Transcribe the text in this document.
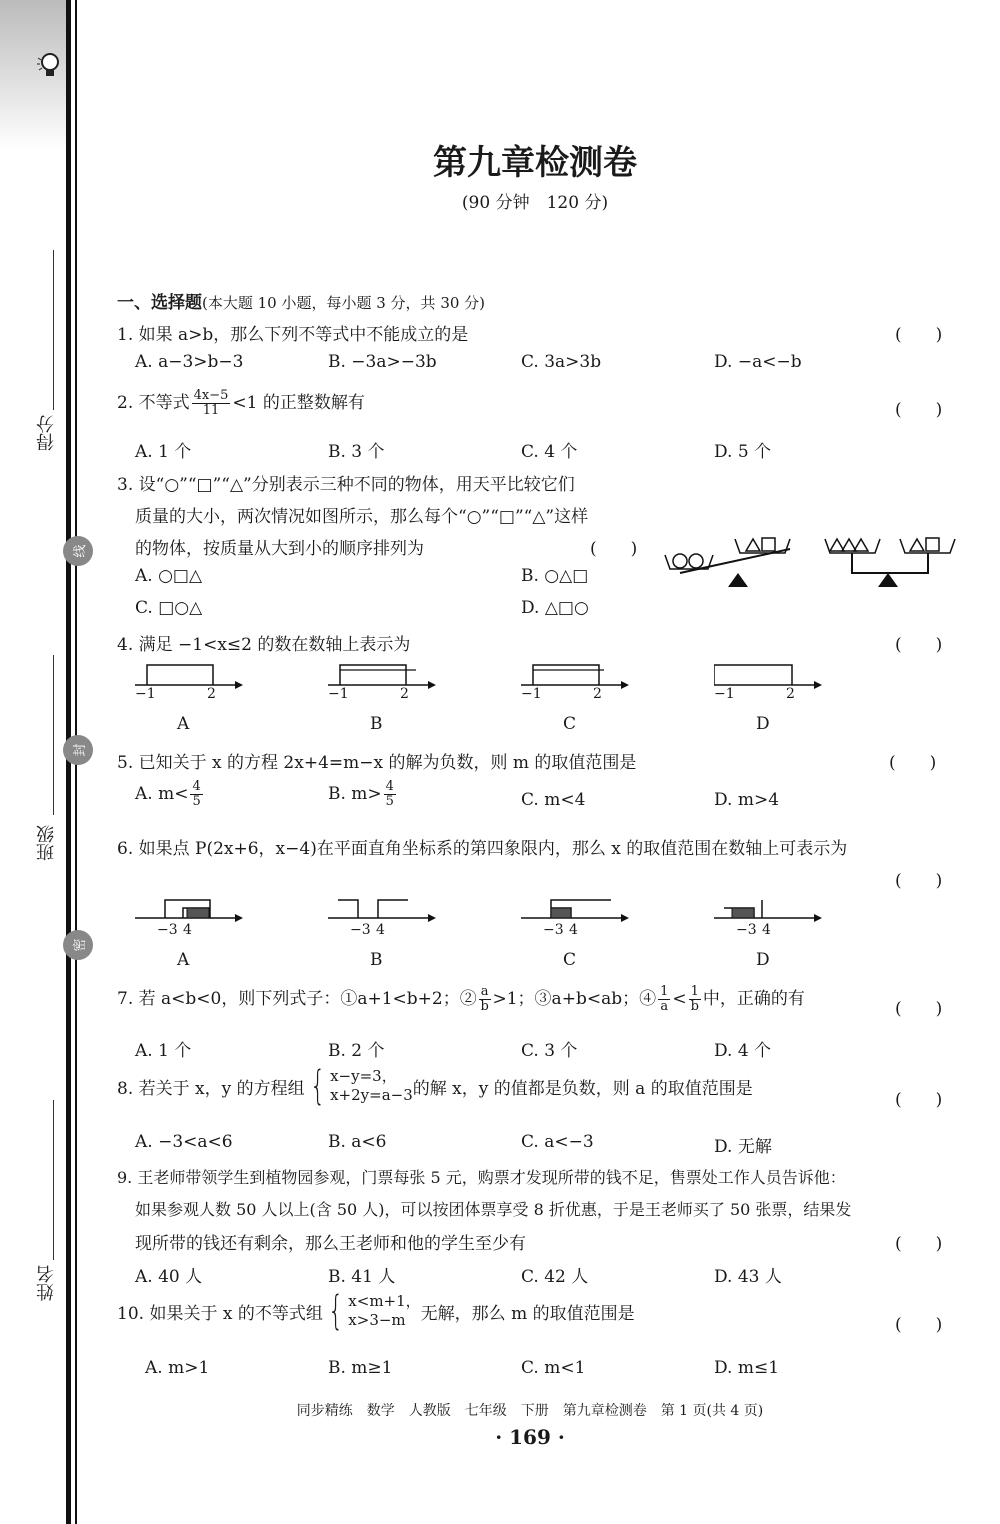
得分
班级
姓名
线
封
密
第九章检测卷
(90 分钟　120 分)
一、选择题(本大题 10 小题，每小题 3 分，共 30 分)
1. 如果 a>b，那么下列不等式中不能成立的是	(　　)
A. a−3>b−3	B. −3a>−3b	C. 3a>3b	D. −a<−b
2. 不等式 $\frac{4x-5}{11} <1$ 的正整数解有	(　　)
A. 1 个	B. 3 个	C. 4 个	D. 5 个
3. 设“○”“□”“△”分别表示三种不同的物体，用天平比较它们
质量的大小，两次情况如图所示，那么每个“○”“□”“△”这样
的物体，按质量从大到小的顺序排列为	(　　)
A. ○□△	B. ○△□
C. □○△	D. △□○
4. 满足 −1<x≤2 的数在数轴上表示为	(　　)
−1	2
A
−1	2
B
−1	2
C
−1	2
D
5. 已知关于 x 的方程 2x+4=m−x 的解为负数，则 m 的取值范围是	(　　)
A. $m< \frac{4}{5}$	B. $m> \frac{4}{5}$	C. m<4	D. m>4
6. 如果点 P(2x+6，x−4)在平面直角坐标系的第四象限内，那么 x 的取值范围在数轴上可表示为
(　　)
−3 4
A
−3 4
B
−3 4
C
−3 4
D
7. 若 a<b<0，则下列式子：①a+1<b+2；② $\frac{a}{b} >1$；③a+b<ab；④ $\frac{1}{a} < \frac{1}{b}$ 中，正确的有	(　　)
A. 1 个	B. 2 个	C. 3 个	D. 4 个
8. 若关于 x，y 的方程组 { x−y=3，
x+2y=a−3 的解 x，y 的值都是负数，则 a 的取值范围是
(　　)
A. −3<a<6	B. a<6	C. a<−3	D. 无解
9. 王老师带领学生到植物园参观，门票每张 5 元，购票才发现所带的钱不足，售票处工作人员告诉他：
如果参观人数 50 人以上(含 50 人)，可以按团体票享受 8 折优惠，于是王老师买了 50 张票，结果发
现所带的钱还有剩余，那么王老师和他的学生至少有	(　　)
A. 40 人	B. 41 人	C. 42 人	D. 43 人
10. 如果关于 x 的不等式组 { x<m+1，
x>3−m 无解，那么 m 的取值范围是
(　　)
A. m>1	B. m≥1	C. m<1	D. m≤1
同步精练　数学　人教版　七年级　下册　第九章检测卷　第 1 页(共 4 页)
· 169 ·
